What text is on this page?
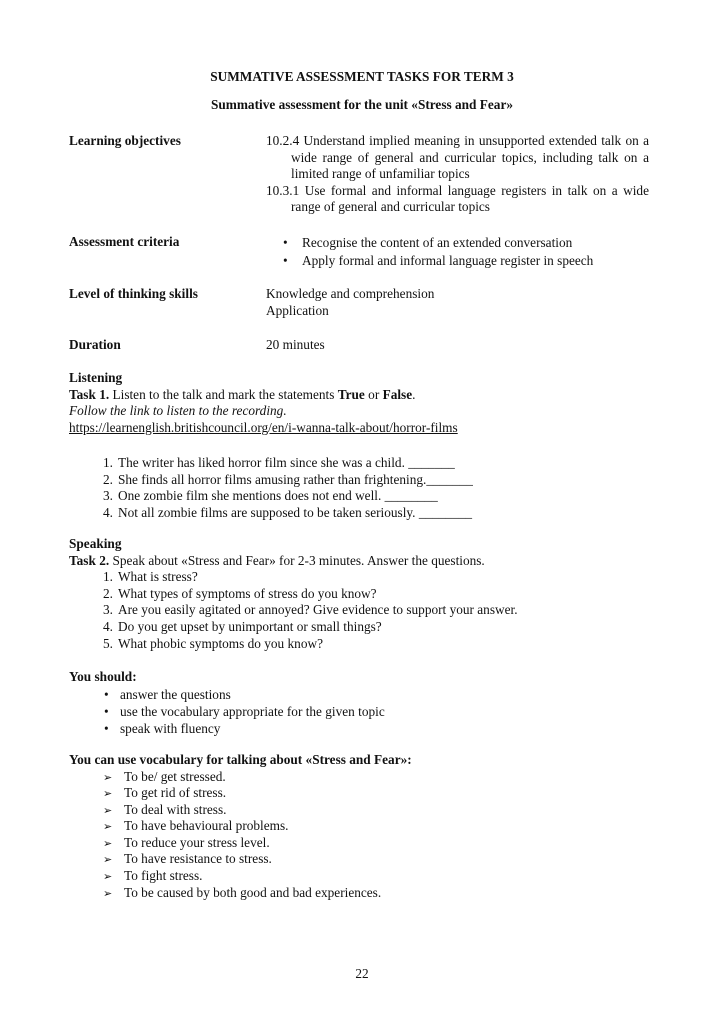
SUMMATIVE ASSESSMENT TASKS FOR TERM 3
Summative assessment for the unit «Stress and Fear»
Learning objectives	10.2.4 Understand implied meaning in unsupported extended talk on a wide range of general and curricular topics, including talk on a limited range of unfamiliar topics

10.3.1 Use formal and informal language registers in talk on a wide range of general and curricular topics

Assessment criteria
•	Recognise the content of an extended conversation
• Apply formal and informal language register in speech
Level of thinking skills	Knowledge and comprehension
Application
Duration	20 minutes

Listening

Task 1. Listen to the talk and mark the statements True or False.

Follow the link to listen to the recording.

https://learnenglish.britishcouncil.org/en/i-wanna-talk-about/horror-films

1. The writer has liked horror film since she was a child. _______
2. She finds all horror films amusing rather than frightening._______
3. One zombie film she mentions does not end well. ________
4. Not all zombie films are supposed to be taken seriously. ________

Speaking

Task 2. Speak about «Stress and Fear» for 2-3 minutes. Answer the questions.

1. What is stress?
2. What types of symptoms of stress do you know?
3. Are you easily agitated or annoyed? Give evidence to support your answer.
4. Do you get upset by unimportant or small things?
5. What phobic symptoms do you know?

You should:

• answer the questions
• use the vocabulary appropriate for the given topic
• speak with fluency

You can use vocabulary for talking about «Stress and Fear»:

➢ To be/ get stressed.
➢ To get rid of stress.
➢ To deal with stress.
➢ To have behavioural problems.
➢ To reduce your stress level.
➢ To have resistance to stress.
➢ To fight stress.
➢ To be caused by both good and bad experiences.
22
